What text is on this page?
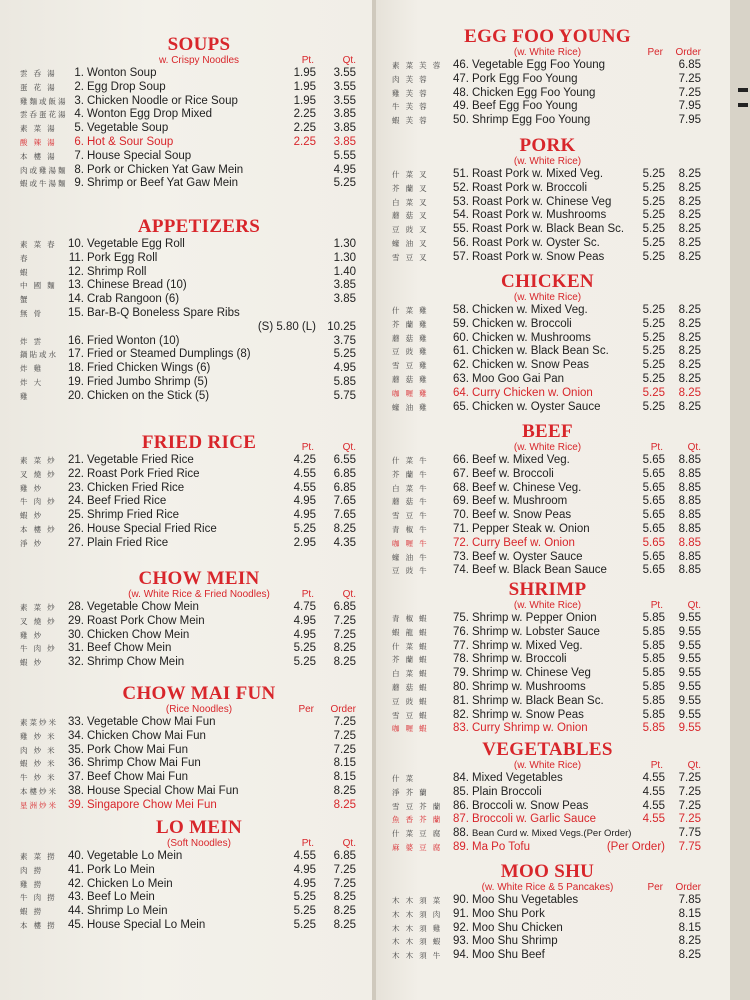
SOUPS
w. Crispy Noodles	Pt.	Qt.
雲 呑 湯	1. Wonton Soup	1.95 3.55
蛋 花 湯	2. Egg Drop Soup	1.95 3.55
雞麵或飯湯 3. Chicken Noodle or Rice Soup	1.95 3.55
雲呑蛋花湯 4. Wonton Egg Drop Mixed	2.25 3.85
素 菜 湯	5. Vegetable Soup	2.25 3.85
酸 辣 湯	6. Hot & Sour Soup	2.25 3.85
本 樓 湯	7. House Special Soup	5.55
肉或雞湯麵 8. Pork or Chicken Yat Gaw Mein	4.95
蝦或牛湯麵 9. Shrimp or Beef Yat Gaw Mein	5.25
APPETIZERS
素 菜 春 10. Vegetable Egg Roll	1.30
春	11. Pork Egg Roll	1.30
蝦	12. Shrimp Roll	1.40
中 國 麵 13. Chinese Bread (10)	3.85
蟹	14. Crab Rangoon (6)	3.85
無 骨	15. Bar-B-Q Boneless Spare Ribs
(S) 5.80 (L) 10.25
炸 雲	16. Fried Wonton (10)	3.75
鍋貼或水 17. Fried or Steamed Dumplings (8)	5.25
炸 雞	18. Fried Chicken Wings (6)	4.95
炸 大	19. Fried Jumbo Shrimp (5)	5.85
雞	20. Chicken on the Stick (5)	5.75
FRIED RICE	Pt.	Qt.
素 菜 炒 21. Vegetable Fried Rice	4.25 6.55
叉 燒 炒 22. Roast Pork Fried Rice	4.55 6.85
雞 炒	23. Chicken Fried Rice	4.55 6.85
牛 肉 炒 24. Beef Fried Rice	4.95 7.65
蝦 炒	25. Shrimp Fried Rice	4.95 7.65
本 樓 炒 26. House Special Fried Rice	5.25 8.25
淨 炒	27. Plain Fried Rice	2.95 4.35
CHOW MEIN
(w. White Rice & Fried Noodles)	Pt.	Qt.
素 菜 炒 28. Vegetable Chow Mein	4.75 6.85
叉 燒 炒 29. Roast Pork Chow Mein	4.95 7.25
雞 炒	30. Chicken Chow Mein	4.95 7.25
牛 肉 炒 31. Beef Chow Mein	5.25 8.25
蝦 炒	32. Shrimp Chow Mein	5.25 8.25
CHOW MAI FUN
(Rice Noodles)	Per Order
素菜炒米 33. Vegetable Chow Mai Fun	7.25
雞 炒 米 34. Chicken Chow Mai Fun	7.25
肉 炒 米 35. Pork Chow Mai Fun	7.25
蝦 炒 米 36. Shrimp Chow Mai Fun	8.15
牛 炒 米 37. Beef Chow Mai Fun	8.15
本樓炒米 38. House Special Chow Mai Fun	8.25
星洲炒米 39. Singapore Chow Mei Fun	8.25
LO MEIN
(Soft Noodles)	Pt.	Qt.
素 菜 撈 40. Vegetable Lo Mein	4.55 6.85
肉 撈	41. Pork Lo Mein	4.95 7.25
雞 撈	42. Chicken Lo Mein	4.95 7.25
牛 肉 撈 43. Beef Lo Mein	5.25 8.25
蝦 撈	44. Shrimp Lo Mein	5.25 8.25
本 樓 撈 45. House Special Lo Mein	5.25 8.25
EGG FOO YOUNG
(w. White Rice)	Per Order
素 菜 芙 蓉 46. Vegetable Egg Foo Young	6.85
肉 芙 蓉	47. Pork Egg Foo Young	7.25
雞 芙 蓉	48. Chicken Egg Foo Young	7.25
牛 芙 蓉	49. Beef Egg Foo Young	7.95
蝦 芙 蓉	50. Shrimp Egg Foo Young	7.95
PORK
(w. White Rice)
什 菜 叉	51. Roast Pork w. Mixed Veg.	5.25 8.25
芥 蘭 叉	52. Roast Pork w. Broccoli	5.25 8.25
白 菜 叉	53. Roast Pork w. Chinese Veg	5.25 8.25
蘑 菇 叉	54. Roast Pork w. Mushrooms	5.25 8.25
豆 豉 叉	55. Roast Pork w. Black Bean Sc. 5.25 8.25
蠔 油 叉	56. Roast Pork w. Oyster Sc.	5.25 8.25
雪 豆 叉	57. Roast Pork w. Snow Peas	5.25 8.25
CHICKEN
(w. White Rice)
什 菜 雞	58. Chicken w. Mixed Veg.	5.25 8.25
芥 蘭 雞	59. Chicken w. Broccoli	5.25 8.25
蘑 菇 雞	60. Chicken w. Mushrooms	5.25 8.25
豆 豉 雞	61. Chicken w. Black Bean Sc.	5.25 8.25
雪 豆 雞	62. Chicken w. Snow Peas	5.25 8.25
蘑 菇 雞	63. Moo Goo Gai Pan	5.25 8.25
咖 喱 雞	64. Curry Chicken w. Onion	5.25 8.25
蠔 油 雞	65. Chicken w. Oyster Sauce	5.25 8.25
BEEF
(w. White Rice)	Pt. Qt.
什 菜 牛	66. Beef w. Mixed Veg.	5.65 8.85
芥 蘭 牛	67. Beef w. Broccoli	5.65 8.85
白 菜 牛	68. Beef w. Chinese Veg.	5.65 8.85
蘑 菇 牛	69. Beef w. Mushroom	5.65 8.85
雪 豆 牛	70. Beef w. Snow Peas	5.65 8.85
青 椒 牛	71. Pepper Steak w. Onion	5.65 8.85
咖 喱 牛	72. Curry Beef w. Onion	5.65 8.85
蠔 油 牛	73. Beef w. Oyster Sauce	5.65 8.85
豆 豉 牛	74. Beef w. Black Bean Sauce	5.65 8.85
SHRIMP
(w. White Rice)	Pt. Qt.
青 椒 蝦	75. Shrimp w. Pepper Onion	5.85 9.55
蝦 龍 蝦	76. Shrimp w. Lobster Sauce	5.85 9.55
什 菜 蝦	77. Shrimp w. Mixed Veg.	5.85 9.55
芥 蘭 蝦	78. Shrimp w. Broccoli	5.85 9.55
白 菜 蝦	79. Shrimp w. Chinese Veg	5.85 9.55
蘑 菇 蝦	80. Shrimp w. Mushrooms	5.85 9.55
豆 豉 蝦	81. Shrimp w. Black Bean Sc.	5.85 9.55
雪 豆 蝦	82. Shrimp w. Snow Peas	5.85 9.55
咖 喱 蝦	83. Curry Shrimp w. Onion	5.85 9.55
VEGETABLES
(w. White Rice)	Pt. Qt.
什 菜	84. Mixed Vegetables	4.55 7.25
淨 芥 蘭	85. Plain Broccoli	4.55 7.25
雪 豆 芥 蘭 86. Broccoli w. Snow Peas	4.55 7.25
魚 香 芥 蘭 87. Broccoli w. Garlic Sauce	4.55 7.25
什 菜 豆 腐 88. Bean Curd w. Mixed Vegs.(Per Order)	7.75
麻 婆 豆 腐 89. Ma Po Tofu	(Per Order) 7.75
MOO SHU
(w. White Rice & 5 Pancakes)	Per Order
木 木 須 菜 90. Moo Shu Vegetables	7.85
木 木 須 肉 91. Moo Shu Pork	8.15
木 木 須 雞 92. Moo Shu Chicken	8.15
木 木 須 蝦 93. Moo Shu Shrimp	8.25
木 木 須 牛 94. Moo Shu Beef	8.25
